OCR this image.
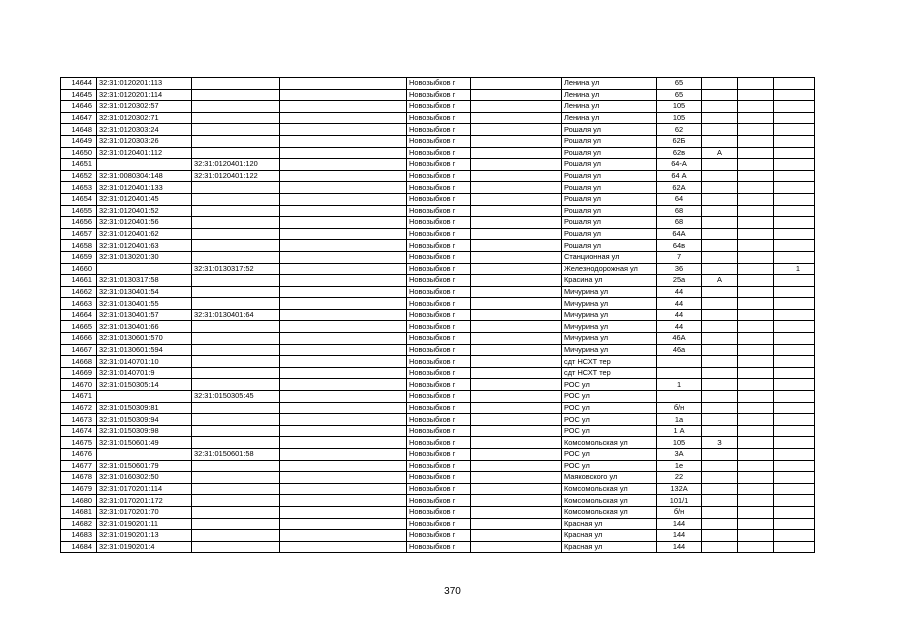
14644	32:31:0120201:113			Новозыбков г		Ленина ул	65			
14645	32:31:0120201:114			Новозыбков г		Ленина ул	65			
14646	32:31:0120302:57			Новозыбков г		Ленина ул	105			
14647	32:31:0120302:71			Новозыбков г		Ленина ул	105			
14648	32:31:0120303:24			Новозыбков г		Рошаля ул	62			
14649	32:31:0120303:26			Новозыбков г		Рошаля ул	62Б			
14650	32:31:0120401:112			Новозыбков г		Рошаля ул	62в	А		
14651		32:31:0120401:120		Новозыбков г		Рошаля ул	64-А			
14652	32:31:0080304:148	32:31:0120401:122		Новозыбков г		Рошаля ул	64 А			
14653	32:31:0120401:133			Новозыбков г		Рошаля ул	62А			
14654	32:31:0120401:45			Новозыбков г		Рошаля ул	64			
14655	32:31:0120401:52			Новозыбков г		Рошаля ул	68			
14656	32:31:0120401:56			Новозыбков г		Рошаля ул	68			
14657	32:31:0120401:62			Новозыбков г		Рошаля ул	64А			
14658	32:31:0120401:63			Новозыбков г		Рошаля ул	64в			
14659	32:31:0130201:30			Новозыбков г		Станционная ул	7			
14660		32:31:0130317:52		Новозыбков г		Железнодорожная ул	36			1
14661	32:31:0130317:58			Новозыбков г		Красина ул	25а	А		
14662	32:31:0130401:54			Новозыбков г		Мичурина ул	44			
14663	32:31:0130401:55			Новозыбков г		Мичурина ул	44			
14664	32:31:0130401:57	32:31:0130401:64		Новозыбков г		Мичурина ул	44			
14665	32:31:0130401:66			Новозыбков г		Мичурина ул	44			
14666	32:31:0130601:570			Новозыбков г		Мичурина ул	46А			
14667	32:31:0130601:594			Новозыбков г		Мичурина ул	46а			
14668	32:31:0140701:10			Новозыбков г		сдт НСХТ тер				
14669	32:31:0140701:9			Новозыбков г		сдт НСХТ тер				
14670	32:31:0150305:14			Новозыбков г		РОС ул	1			
14671		32:31:0150305:45		Новозыбков г		РОС ул				
14672	32:31:0150309:81			Новозыбков г		РОС ул	б/н			
14673	32:31:0150309:94			Новозыбков г		РОС ул	1а			
14674	32:31:0150309:98			Новозыбков г		РОС ул	1 А			
14675	32:31:0150601:49			Новозыбков г		Комсомольская ул	105	З		
14676		32:31:0150601:58		Новозыбков г		РОС ул	3А			
14677	32:31:0150601:79			Новозыбков г		РОС ул	1е			
14678	32:31:0160302:50			Новозыбков г		Маяковского ул	22			
14679	32:31:0170201:114			Новозыбков г		Комсомольская ул	132А			
14680	32:31:0170201:172			Новозыбков г		Комсомольская ул	101/1			
14681	32:31:0170201:70			Новозыбков г		Комсомольская ул	б/н			
14682	32:31:0190201:11			Новозыбков г		Красная ул	144			
14683	32:31:0190201:13			Новозыбков г		Красная ул	144			
14684	32:31:0190201:4			Новозыбков г		Красная ул	144			
370
